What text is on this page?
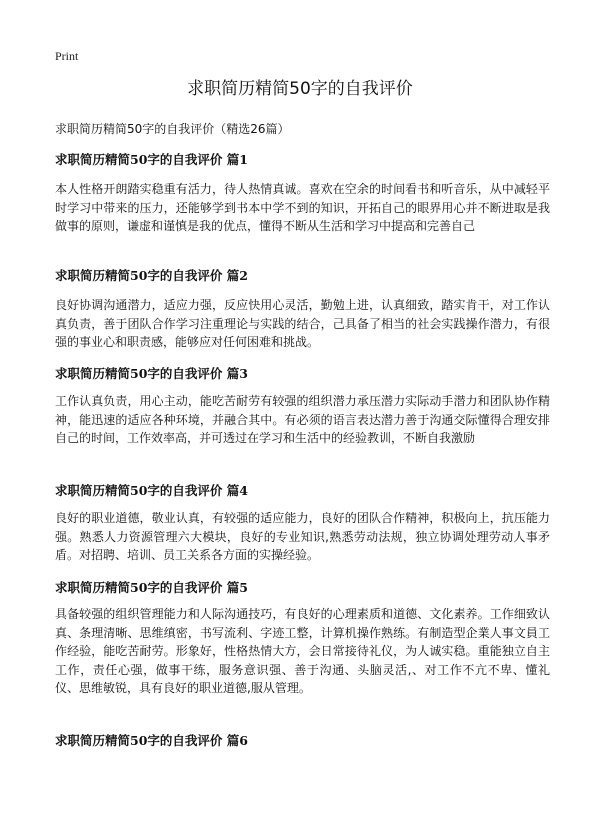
Print
求职简历精简50字的自我评价
求职简历精简50字的自我评价（精选26篇）
求职简历精简50字的自我评价 篇1

本人性格开朗踏实稳重有活力，待人热情真诚。喜欢在空余的时间看书和听音乐，从中减轻平时学习中带来的压力，还能够学到书本中学不到的知识，开拓自己的眼界用心并不断进取是我做事的原则，谦虚和谨慎是我的优点，懂得不断从生活和学习中提高和完善自己

求职简历精简50字的自我评价 篇2

良好协调沟通潜力，适应力强，反应快用心灵活，勤勉上进，认真细致，踏实肯干，对工作认真负责，善于团队合作学习注重理论与实践的结合，己具备了相当的社会实践操作潜力，有很强的事业心和职责感，能够应对任何困难和挑战。

求职简历精简50字的自我评价 篇3

工作认真负责，用心主动，能吃苦耐劳有较强的组织潜力承压潜力实际动手潜力和团队协作精神，能迅速的适应各种环境，并融合其中。有必须的语言表达潜力善于沟通交际懂得合理安排自己的时间，工作效率高，并可透过在学习和生活中的经验教训，不断自我激励

求职简历精简50字的自我评价 篇4

良好的职业道德，敬业认真，有较强的适应能力，良好的团队合作精神，积极向上，抗压能力强。熟悉人力资源管理六大模块，良好的专业知识,熟悉劳动法规，独立协调处理劳动人事矛盾。对招聘、培训、员工关系各方面的实操经验。

求职简历精简50字的自我评价 篇5

具备较强的组织管理能力和人际沟通技巧，有良好的心理素质和道德、文化素养。工作细致认真、条理清晰、思维缜密，书写流利、字迹工整，计算机操作熟练。有制造型企業人事文員工作经验，能吃苦耐劳。形象好，性格热情大方，会日常接待礼仪，为人诚实稳。重能独立自主工作，责任心强，做事干练，服务意识强、善于沟通、头脑灵活,、对工作不亢不卑、懂礼仪、思维敏锐，具有良好的职业道德,服从管理。

求职简历精简50字的自我评价 篇6
